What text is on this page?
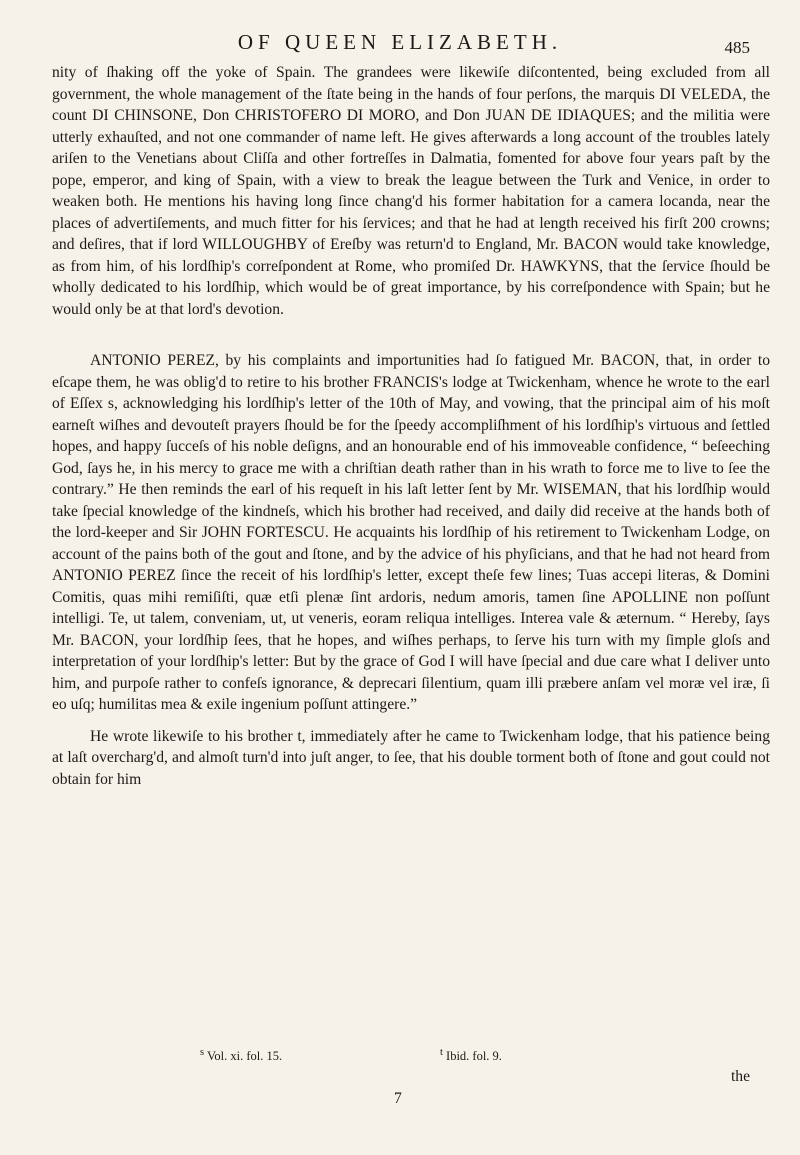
OF QUEEN ELIZABETH.	485

nity of ſhaking off the yoke of Spain. The grandees were likewiſe diſcontented, being excluded from all government, the whole management of the ſtate being in the hands of four perſons, the marquis DI VELEDA, the count DI CHINSONE, Don CHRISTOFERO DI MORO, and Don JUAN DE IDIAQUES; and the militia were utterly exhauſted, and not one commander of name left. He gives afterwards a long account of the troubles lately ariſen to the Venetians about Cliſſa and other fortreſſes in Dalmatia, fomented for above four years paſt by the pope, emperor, and king of Spain, with a view to break the league between the Turk and Venice, in order to weaken both. He mentions his having long ſince chang'd his former habitation for a camera locanda, near the places of advertiſements, and much fitter for his ſervices; and that he had at length received his firſt 200 crowns; and deſires, that if lord WILLOUGHBY of Ereſby was return'd to England, Mr. BACON would take knowledge, as from him, of his lordſhip's correſpondent at Rome, who promiſed Dr. HAWKYNS, that the ſervice ſhould be wholly dedicated to his lordſhip, which would be of great importance, by his correſpondence with Spain; but he would only be at that lord's devotion.

ANTONIO PEREZ, by his complaints and importunities had ſo fatigued Mr. BACON, that, in order to eſcape them, he was oblig'd to retire to his brother FRANCIS's lodge at Twickenham, whence he wrote to the earl of Eſſex s, acknowledging his lordſhip's letter of the 10th of May, and vowing, that the principal aim of his moſt earneſt wiſhes and devouteſt prayers ſhould be for the ſpeedy accompliſhment of his lordſhip's virtuous and ſettled hopes, and happy ſucceſs of his noble deſigns, and an honourable end of his immoveable confidence, “ beſeeching God, ſays he, in his mercy to grace me with a chriſtian death rather than in his wrath to force me to live to ſee the contrary.” He then reminds the earl of his requeſt in his laſt letter ſent by Mr. WISEMAN, that his lordſhip would take ſpecial knowledge of the kindneſs, which his brother had received, and daily did receive at the hands both of the lord-keeper and Sir JOHN FORTESCU. He acquaints his lordſhip of his retirement to Twickenham Lodge, on account of the pains both of the gout and ſtone, and by the advice of his phyſicians, and that he had not heard from ANTONIO PEREZ ſince the receit of his lordſhip's letter, except theſe few lines; Tuas accepi literas, & Domini Comitis, quas mihi remiſiſti, quæ etſi plenæ ſint ardoris, nedum amoris, tamen ſine APOLLINE non poſſunt intelligi. Te, ut talem, conveniam, ut, ut veneris, eoram reliqua intelliges. Interea vale & æternum. “ Hereby, ſays Mr. BACON, your lordſhip ſees, that he hopes, and wiſhes perhaps, to ſerve his turn with my ſimple gloſs and interpretation of your lordſhip's letter: But by the grace of God I will have ſpecial and due care what I deliver unto him, and purpoſe rather to confeſs ignorance, & deprecari ſilentium, quam illi præbere anſam vel moræ vel iræ, ſi eo uſq; humilitas mea & exile ingenium poſſunt attingere.”

He wrote likewiſe to his brother t, immediately after he came to Twickenham lodge, that his patience being at laſt overcharg'd, and almoſt turn'd into juſt anger, to ſee, that his double torment both of ſtone and gout could not obtain for him

$^s$ Vol. xi. fol. 15.	$^t$ Ibid. fol. 9.
the
7
